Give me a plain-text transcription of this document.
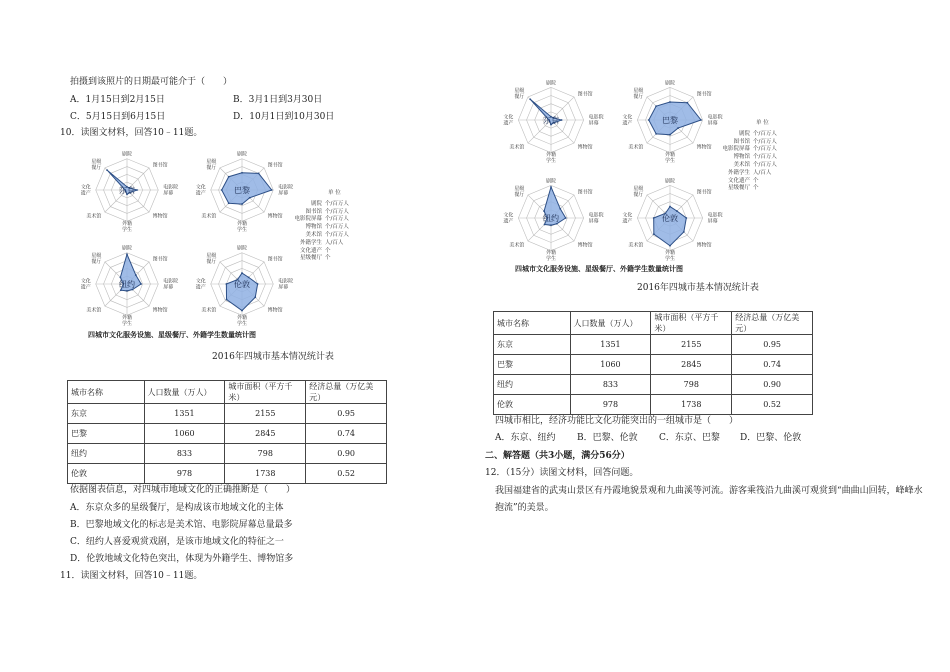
拍摄到该照片的日期最可能介于（　　）
A．1月15日到2月15日	B．3月1日到3月30日
C．5月15日到6月15日	D．10月1日到10月30日
10．读图文材料，回答10﹣11题。
东京
剧院
图书馆
电影院屏幕
博物馆
外籍学生
美术馆
文化遗产
星级餐厅
巴黎
剧院
图书馆
电影院屏幕
博物馆
外籍学生
美术馆
文化遗产
星级餐厅
纽约
剧院
图书馆
电影院屏幕
博物馆
外籍学生
美术馆
文化遗产
星级餐厅
伦敦
剧院
图书馆
电影院屏幕
博物馆
外籍学生
美术馆
文化遗产
星级餐厅
单 位
剧院 个/百万人
图书馆 个/百万人
电影院屏幕 个/百万人
博物馆 个/百万人
美术馆 个/百万人
外籍学生 人/百人
文化遗产 个
星级餐厅 个
四城市文化服务设施、星级餐厅、外籍学生数量统计图
2016年四城市基本情况统计表
城市名称	人口数量（万人）	城市面积（平方千米）	经济总量（万亿美元）
东京	1351	2155	0.95
巴黎	1060	2845	0.74
纽约	833	798	0.90
伦敦	978	1738	0.52
依据图表信息，对四城市地域文化的正确推断是（　　）
A．东京众多的星级餐厅，是构成该市地域文化的主体
B．巴黎地域文化的标志是美术馆、电影院屏幕总量最多
C．纽约人喜爱观赏戏剧，是该市地域文化的特征之一
D．伦敦地域文化特色突出，体现为外籍学生、博物馆多
11．读图文材料，回答10﹣11题。
东京
剧院
图书馆
电影院屏幕
博物馆
外籍学生
美术馆
文化遗产
星级餐厅
巴黎
剧院
图书馆
电影院屏幕
博物馆
外籍学生
美术馆
文化遗产
星级餐厅
纽约
剧院
图书馆
电影院屏幕
博物馆
外籍学生
美术馆
文化遗产
星级餐厅
伦敦
剧院
图书馆
电影院屏幕
博物馆
外籍学生
美术馆
文化遗产
星级餐厅
单 位
剧院 个/百万人
图书馆 个/百万人
电影院屏幕 个/百万人
博物馆 个/百万人
美术馆 个/百万人
外籍学生 人/百人
文化遗产 个
星级餐厅 个
四城市文化服务设施、星级餐厅、外籍学生数量统计图
2016年四城市基本情况统计表
城市名称	人口数量（万人）	城市面积（平方千米）	经济总量（万亿美元）
东京	1351	2155	0.95
巴黎	1060	2845	0.74
纽约	833	798	0.90
伦敦	978	1738	0.52
四城市相比，经济功能比文化功能突出的一组城市是（　　）
A．东京、纽约 B．巴黎、伦敦 C．东京、巴黎 D．巴黎、伦敦
二、解答题（共3小题，满分56分）
12．（15分）读图文材料，回答问题。
我国福建省的武夷山景区有丹霞地貌景观和九曲溪等河流。游客乘筏沿九曲溪可观赏到“曲曲山回转，峰峰水
抱流”的美景。
